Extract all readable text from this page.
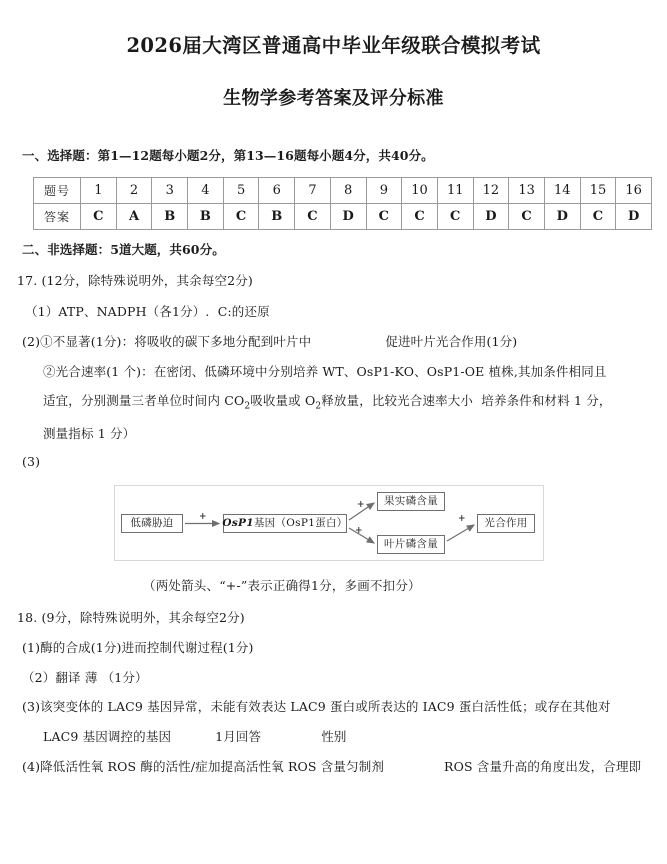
2026届大湾区普通高中毕业年级联合模拟考试
生物学参考答案及评分标准

一、选择题：第1—12题每小题2分，第13—16题每小题4分，共40分。

题号	1	2	3	4	5	6	7	8	9	10	11	12	13	14	15	16
答案	C	A	B	B	C	B	C	D	C	C	C	D	C	D	C	D

二、非选择题：5道大题，共60分。

17. (12分，除特殊说明外，其余每空2分)

（1）ATP、NADPH（各1分）.  C:的还原

(2)①不显著(1分)：将吸收的碳下多地分配到叶片中	促进叶片光合作用(1分)

②光合速率(1 个)：在密闭、低磷环境中分别培养 WT、OsP1-KO、OsP1-OE 植株,其加条件相同且

适宜，分别测量三者单位时间内 $CO_2$吸收量或 $O_2$释放量，比较光合速率大小  培养条件和材料 1 分，

测量指标 1 分）

(3)

低磷胁迫	OsP1 基因（OsP1蛋白）
果实磷含量
叶片磷含量
光合作用
+
+
+
+

（两处箭头、“+-”表示正确得1分，多画不扣分）

18. (9分，除特殊说明外，其余每空2分)

(1)酶的合成(1分)进而控制代谢过程(1分)

（2）翻译 薄 （1分）

(3)该突变体的 LAC9 基因异常，未能有效表达 LAC9 蛋白或所表达的 IAC9 蛋白活性低；或存在其他对

LAC9 基因调控的基因	1月回答	性别

(4)降低活性氧 ROS 酶的活性/症加提高活性氧 ROS 含量匀制剂	ROS 含量升高的角度出发，合理即
